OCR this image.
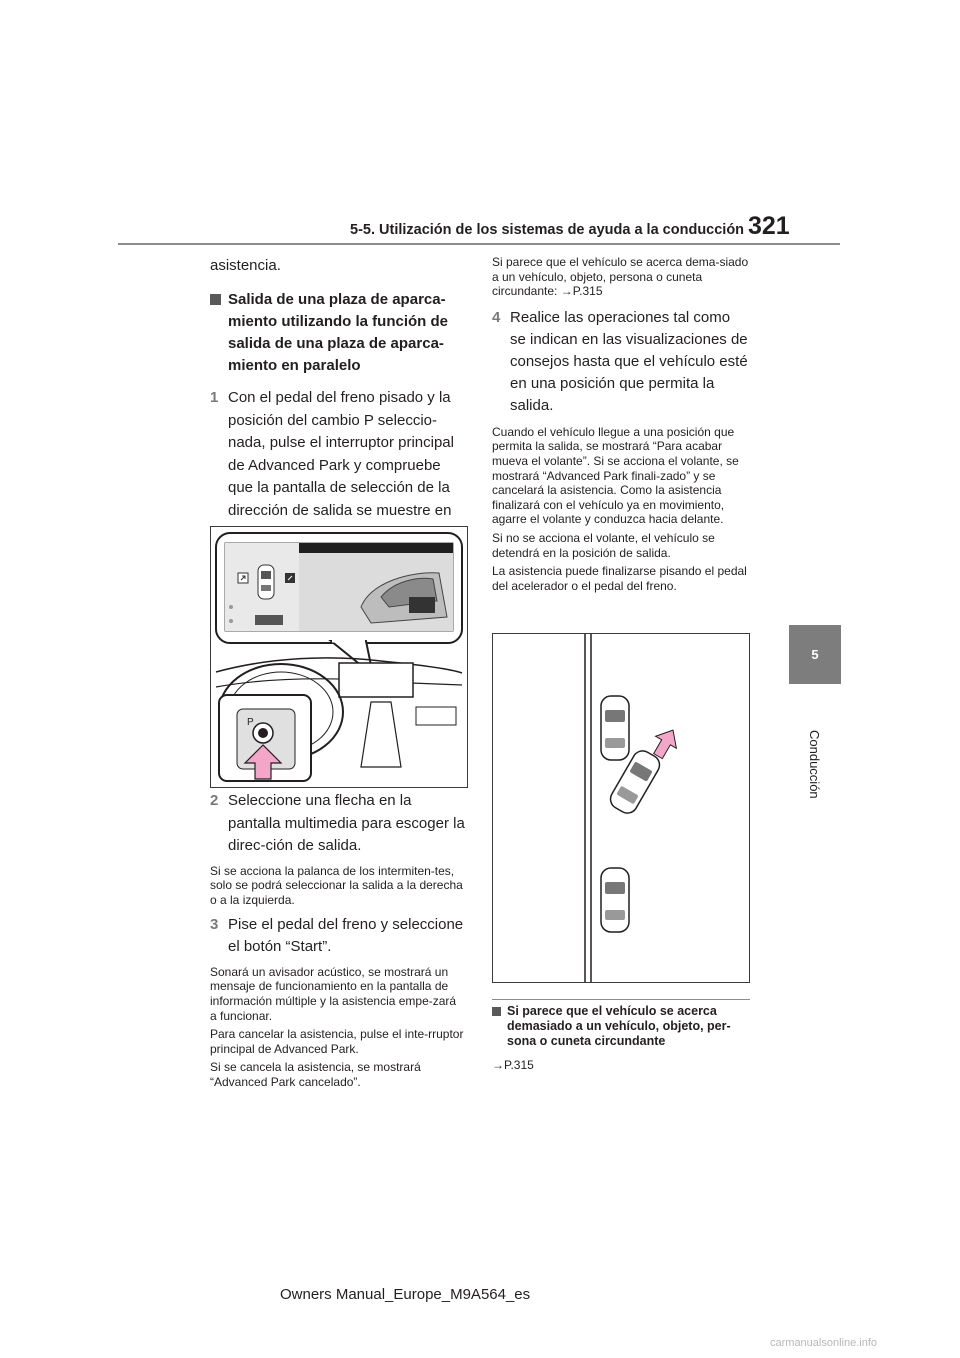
5-5. Utilización de los sistemas de ayuda a la conducción 321
5
Conducción

asistencia.

Salida de una plaza de aparca-miento utilizando la función de salida de una plaza de aparca-miento en paralelo
1 Con el pedal del freno pisado y la posición del cambio P seleccio-nada, pulse el interruptor principal de Advanced Park y compruebe que la pantalla de selección de la dirección de salida se muestre en
P
2 Seleccione una flecha en la pantalla multimedia para escoger la direc-ción de salida.

Si se acciona la palanca de los intermiten-tes, solo se podrá seleccionar la salida a la derecha o a la izquierda.

3 Pise el pedal del freno y seleccione el botón “Start”.

Sonará un avisador acústico, se mostrará un mensaje de funcionamiento en la pantalla de información múltiple y la asistencia empe-zará a funcionar.

Para cancelar la asistencia, pulse el inte-rruptor principal de Advanced Park.

Si se cancela la asistencia, se mostrará “Advanced Park cancelado”.

Si parece que el vehículo se acerca dema-siado a un vehículo, objeto, persona o cuneta circundante: →P.315

4 Realice las operaciones tal como se indican en las visualizaciones de consejos hasta que el vehículo esté en una posición que permita la salida.

Cuando el vehículo llegue a una posición que permita la salida, se mostrará “Para acabar mueva el volante”. Si se acciona el volante, se mostrará “Advanced Park finali-zado” y se cancelará la asistencia. Como la asistencia finalizará con el vehículo ya en movimiento, agarre el volante y conduzca hacia delante.

Si no se acciona el volante, el vehículo se detendrá en la posición de salida.

La asistencia puede finalizarse pisando el pedal del acelerador o el pedal del freno.

Si parece que el vehículo se acerca demasiado a un vehículo, objeto, per-sona o cuneta circundante

→P.315

Owners Manual_Europe_M9A564_es
carmanualsonline.info
